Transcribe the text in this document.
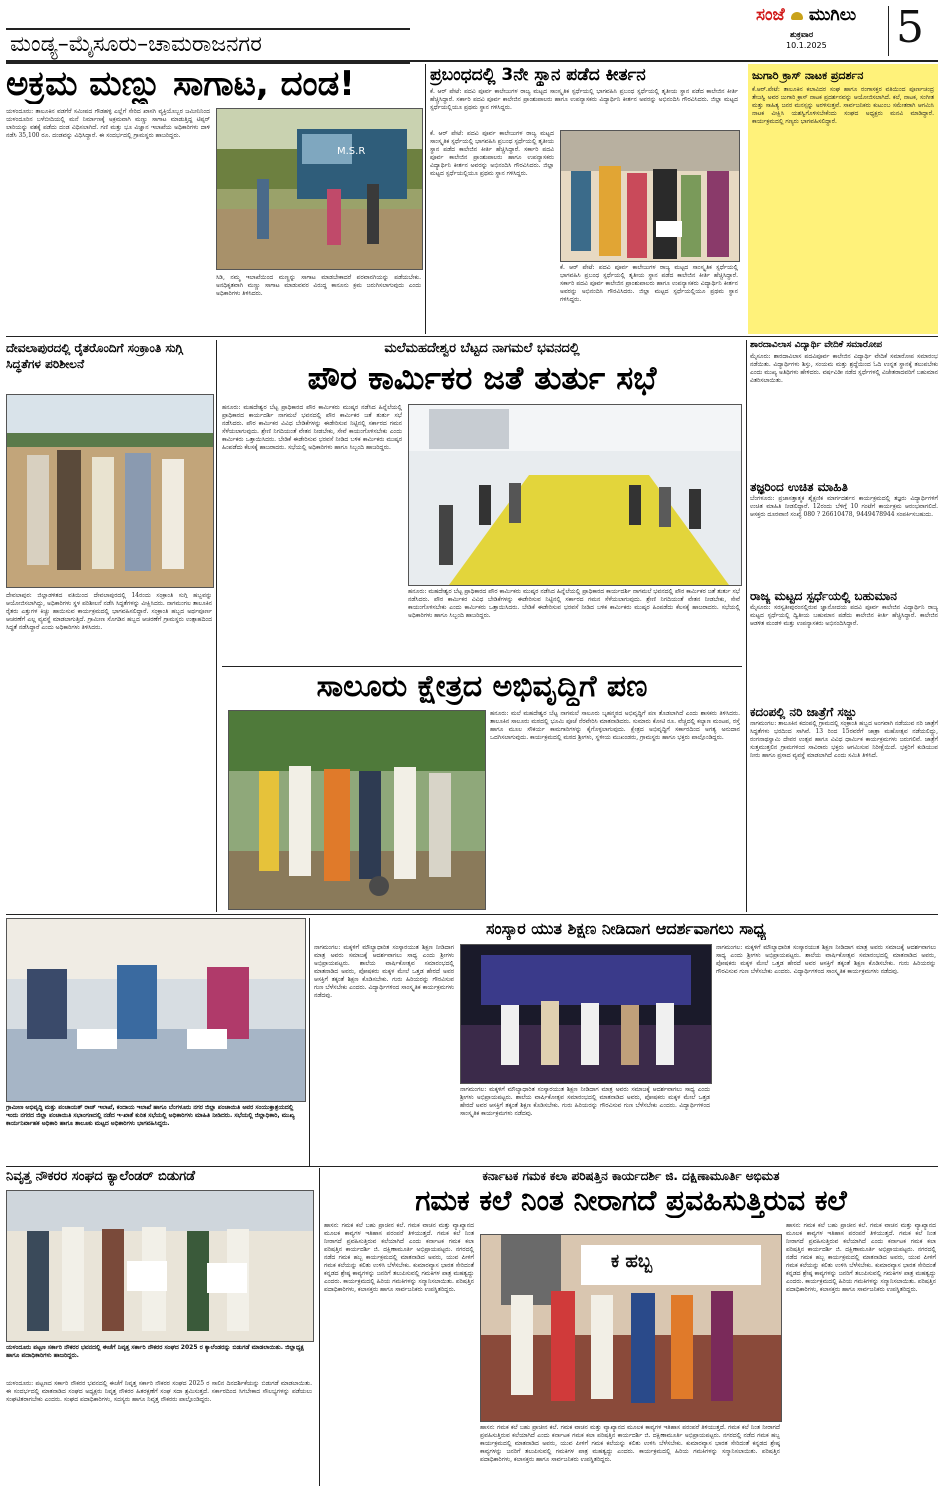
ಮಂಡ್ಯ–ಮೈಸೂರು–ಚಾಮರಾಜನಗರ
ಸಂಜೆ ಮುಗಿಲು
ಶುಕ್ರವಾರ
10.1.2025	5
ಅಕ್ರಮ ಮಣ್ಣು ಸಾಗಾಟ, ದಂಡ!
ಯಳಂದೂರು: ತಾಲೂಕಿನ ವಡಗೆರೆ ಸಮೀಪದ ಗೌಡಹಳ್ಳಿ ಎಲ್ಲೆಗೆ ಸೇರಿದ ಖಾಸಗಿ ವ್ಯಕ್ತಿಯೊಬ್ಬರ ಜಮೀನಿನಿಂದ ಯಳಂದೂರಿನ ಬಳೆಬೀದಿಯಲ್ಲಿ ಮನೆ ನಿರ್ಮಾಣಕ್ಕೆ ಅಕ್ರಮವಾಗಿ ಮಣ್ಣು ಸಾಗಾಟ ಮಾಡುತ್ತಿದ್ದ ಟಿಪ್ಪರ್ ಲಾರಿಯನ್ನು ವಶಕ್ಕೆ ಪಡೆದು ದಂಡ ವಿಧಿಸಲಾಗಿದೆ. ಗಣಿ ಮತ್ತು ಭೂ ವಿಜ್ಞಾನ ಇಲಾಖೆಯ ಅಧಿಕಾರಿಗಳು ದಾಳಿ ನಡೆಸಿ 35,100 ರೂ. ದಂಡವನ್ನು ವಿಧಿಸಿದ್ದಾರೆ. ಈ ಸಂದರ್ಭದಲ್ಲಿ ಗ್ರಾಮಸ್ಥರು ಹಾಜರಿದ್ದರು.
M.S.R
ಸಿಡಿ, ನಮ್ಮ ಇಲಾಖೆಯಿಂದ ಮಣ್ಣನ್ನು ಸಾಗಾಟ ಮಾಡಬೇಕಾದರೆ ಪರವಾನಗಿಯನ್ನು ಪಡೆಯಬೇಕು. ಅನಧಿಕೃತವಾಗಿ ಮಣ್ಣು ಸಾಗಾಟ ಮಾಡುವವರ ವಿರುದ್ಧ ಕಾನೂನು ಕ್ರಮ ಜರುಗಿಸಲಾಗುವುದು ಎಂದು ಅಧಿಕಾರಿಗಳು ತಿಳಿಸಿದರು.
ಪ್ರಬಂಧದಲ್ಲಿ 3ನೇ ಸ್ಥಾನ ಪಡೆದ ಕೀರ್ತನ
ಕೆ. ಆರ್ ಪೇಟೆ: ಪದವಿ ಪೂರ್ವ ಕಾಲೇಜುಗಳ ರಾಜ್ಯ ಮಟ್ಟದ ಸಾಂಸ್ಕೃತಿಕ ಸ್ಪರ್ಧೆಯಲ್ಲಿ ಭಾಗವಹಿಸಿ ಪ್ರಬಂಧ ಸ್ಪರ್ಧೆಯಲ್ಲಿ ತೃತೀಯ ಸ್ಥಾನ ಪಡೆದ ಕಾಲೇಜಿನ ಕೀರ್ತಿ ಹೆಚ್ಚಿಸಿದ್ದಾರೆ. ಸರ್ಕಾರಿ ಪದವಿ ಪೂರ್ವ ಕಾಲೇಜಿನ ಪ್ರಾಂಶುಪಾಲರು ಹಾಗೂ ಉಪನ್ಯಾಸಕರು ವಿದ್ಯಾರ್ಥಿನಿ ಕೀರ್ತನ ಅವರನ್ನು ಅಭಿನಂದಿಸಿ ಗೌರವಿಸಿದರು. ಜಿಲ್ಲಾ ಮಟ್ಟದ ಸ್ಪರ್ಧೆಯಲ್ಲಿಯೂ ಪ್ರಥಮ ಸ್ಥಾನ ಗಳಿಸಿದ್ದರು.
ಕೆ. ಆರ್ ಪೇಟೆ: ಪದವಿ ಪೂರ್ವ ಕಾಲೇಜುಗಳ ರಾಜ್ಯ ಮಟ್ಟದ ಸಾಂಸ್ಕೃತಿಕ ಸ್ಪರ್ಧೆಯಲ್ಲಿ ಭಾಗವಹಿಸಿ ಪ್ರಬಂಧ ಸ್ಪರ್ಧೆಯಲ್ಲಿ ತೃತೀಯ ಸ್ಥಾನ ಪಡೆದ ಕಾಲೇಜಿನ ಕೀರ್ತಿ ಹೆಚ್ಚಿಸಿದ್ದಾರೆ. ಸರ್ಕಾರಿ ಪದವಿ ಪೂರ್ವ ಕಾಲೇಜಿನ ಪ್ರಾಂಶುಪಾಲರು ಹಾಗೂ ಉಪನ್ಯಾಸಕರು ವಿದ್ಯಾರ್ಥಿನಿ ಕೀರ್ತನ ಅವರನ್ನು ಅಭಿನಂದಿಸಿ ಗೌರವಿಸಿದರು. ಜಿಲ್ಲಾ ಮಟ್ಟದ ಸ್ಪರ್ಧೆಯಲ್ಲಿಯೂ ಪ್ರಥಮ ಸ್ಥಾನ ಗಳಿಸಿದ್ದರು.
ಕೆ. ಆರ್ ಪೇಟೆ: ಪದವಿ ಪೂರ್ವ ಕಾಲೇಜುಗಳ ರಾಜ್ಯ ಮಟ್ಟದ ಸಾಂಸ್ಕೃತಿಕ ಸ್ಪರ್ಧೆಯಲ್ಲಿ ಭಾಗವಹಿಸಿ ಪ್ರಬಂಧ ಸ್ಪರ್ಧೆಯಲ್ಲಿ ತೃತೀಯ ಸ್ಥಾನ ಪಡೆದ ಕಾಲೇಜಿನ ಕೀರ್ತಿ ಹೆಚ್ಚಿಸಿದ್ದಾರೆ. ಸರ್ಕಾರಿ ಪದವಿ ಪೂರ್ವ ಕಾಲೇಜಿನ ಪ್ರಾಂಶುಪಾಲರು ಹಾಗೂ ಉಪನ್ಯಾಸಕರು ವಿದ್ಯಾರ್ಥಿನಿ ಕೀರ್ತನ ಅವರನ್ನು ಅಭಿನಂದಿಸಿ ಗೌರವಿಸಿದರು. ಜಿಲ್ಲಾ ಮಟ್ಟದ ಸ್ಪರ್ಧೆಯಲ್ಲಿಯೂ ಪ್ರಥಮ ಸ್ಥಾನ ಗಳಿಸಿದ್ದರು.
ಜುಗಾರಿ ಕ್ರಾಸ್ ನಾಟಕ ಪ್ರದರ್ಶನ
ಕೆ.ಆರ್.ಪೇಟೆ: ತಾಲೂಕಿನ ಕಲಾವಿದರ ಸಂಘ ಹಾಗೂ ರಂಗಾಸಕ್ತರ ವತಿಯಿಂದ ಪೂರ್ಣಚಂದ್ರ ತೇಜಸ್ವಿ ಅವರ ಜುಗಾರಿ ಕ್ರಾಸ್ ನಾಟಕ ಪ್ರದರ್ಶನವನ್ನು ಆಯೋಜಿಸಲಾಗಿದೆ. ಕಲೆ, ನಾಟಕ, ಸಂಗೀತ ಮತ್ತು ಸಾಹಿತ್ಯ ಜನರ ಮನಸ್ಸನ್ನು ಅರಳಿಸುತ್ತವೆ. ಸಾರ್ವಜನಿಕರು ಕುಟುಂಬ ಸಮೇತರಾಗಿ ಆಗಮಿಸಿ ನಾಟಕ ವೀಕ್ಷಿಸಿ ಯಶಸ್ವಿಗೊಳಿಸಬೇಕೆಂದು ಸಂಘದ ಅಧ್ಯಕ್ಷರು ಮನವಿ ಮಾಡಿದ್ದಾರೆ. ಕಾರ್ಯಕ್ರಮದಲ್ಲಿ ಗಣ್ಯರು ಭಾಗವಹಿಸಲಿದ್ದಾರೆ.
ದೇವಲಾಪುರದಲ್ಲಿ ರೈತರೊಂದಿಗೆ ಸಂಕ್ರಾಂತಿ ಸುಗ್ಗಿ ಸಿದ್ಧತೆಗಳ ಪರಿಶೀಲನೆ
ದೇವಲಾಪುರ: ಜಿಲ್ಲಾಡಳಿತದ ವತಿಯಿಂದ ದೇವಲಾಪುರದಲ್ಲಿ 14ರಂದು ಸಂಕ್ರಾಂತಿ ಸುಗ್ಗಿ ಹಬ್ಬವನ್ನು ಆಯೋಜಿಸಲಾಗಿದ್ದು, ಅಧಿಕಾರಿಗಳು ಸ್ಥಳ ಪರಿಶೀಲನೆ ನಡೆಸಿ ಸಿದ್ಧತೆಗಳನ್ನು ವೀಕ್ಷಿಸಿದರು. ನಾಗಮಂಗಲ ತಾಲೂಕಿನ ರೈತರು ಎತ್ತುಗಳ ಕಿಚ್ಚು ಹಾಯಿಸುವ ಕಾರ್ಯಕ್ರಮದಲ್ಲಿ ಭಾಗವಹಿಸಲಿದ್ದಾರೆ. ಸಂಕ್ರಾಂತಿ ಹಬ್ಬದ ಅರ್ಥಪೂರ್ಣ ಆಚರಣೆಗೆ ಎಲ್ಲ ವ್ಯವಸ್ಥೆ ಮಾಡಲಾಗುತ್ತಿದೆ. ಗ್ರಾಮೀಣ ಸೊಗಡಿನ ಹಬ್ಬದ ಆಚರಣೆಗೆ ಗ್ರಾಮಸ್ಥರು ಉತ್ಸಾಹದಿಂದ ಸಿದ್ಧತೆ ನಡೆಸಿದ್ದಾರೆ ಎಂದು ಅಧಿಕಾರಿಗಳು ತಿಳಿಸಿದರು.
ಮಲೆಮಹದೇಶ್ವರ ಬೆಟ್ಟದ ನಾಗಮಲೆ ಭವನದಲ್ಲಿ
ಪೌರ ಕಾರ್ಮಿಕರ ಜತೆ ತುರ್ತು ಸಭೆ
ಹನೂರು: ಮಹದೇಶ್ವರ ಬೆಟ್ಟ ಪ್ರಾಧಿಕಾರದ ಪೌರ ಕಾರ್ಮಿಕರು ಮುಷ್ಕರ ನಡೆಸಿದ ಹಿನ್ನೆಲೆಯಲ್ಲಿ ಪ್ರಾಧಿಕಾರದ ಕಾರ್ಯದರ್ಶಿ ನಾಗಮಲೆ ಭವನದಲ್ಲಿ ಪೌರ ಕಾರ್ಮಿಕರ ಜತೆ ತುರ್ತು ಸಭೆ ನಡೆಸಿದರು. ಪೌರ ಕಾರ್ಮಿಕರ ವಿವಿಧ ಬೇಡಿಕೆಗಳನ್ನು ಈಡೇರಿಸುವ ನಿಟ್ಟಿನಲ್ಲಿ ಸರ್ಕಾರದ ಗಮನ ಸೆಳೆಯಲಾಗುವುದು. ಶ್ರೇಣಿ ನಿಗದಿಯಂತೆ ವೇತನ ನೀಡಬೇಕು, ಸೇವೆ ಕಾಯಂಗೊಳಿಸಬೇಕು ಎಂದು ಕಾರ್ಮಿಕರು ಒತ್ತಾಯಿಸಿದರು. ಬೇಡಿಕೆ ಈಡೇರಿಸುವ ಭರವಸೆ ನೀಡಿದ ಬಳಿಕ ಕಾರ್ಮಿಕರು ಮುಷ್ಕರ ಹಿಂಪಡೆದು ಕೆಲಸಕ್ಕೆ ಹಾಜರಾದರು. ಸಭೆಯಲ್ಲಿ ಅಧಿಕಾರಿಗಳು ಹಾಗೂ ಸಿಬ್ಬಂದಿ ಹಾಜರಿದ್ದರು.
ಹನೂರು: ಮಹದೇಶ್ವರ ಬೆಟ್ಟ ಪ್ರಾಧಿಕಾರದ ಪೌರ ಕಾರ್ಮಿಕರು ಮುಷ್ಕರ ನಡೆಸಿದ ಹಿನ್ನೆಲೆಯಲ್ಲಿ ಪ್ರಾಧಿಕಾರದ ಕಾರ್ಯದರ್ಶಿ ನಾಗಮಲೆ ಭವನದಲ್ಲಿ ಪೌರ ಕಾರ್ಮಿಕರ ಜತೆ ತುರ್ತು ಸಭೆ ನಡೆಸಿದರು. ಪೌರ ಕಾರ್ಮಿಕರ ವಿವಿಧ ಬೇಡಿಕೆಗಳನ್ನು ಈಡೇರಿಸುವ ನಿಟ್ಟಿನಲ್ಲಿ ಸರ್ಕಾರದ ಗಮನ ಸೆಳೆಯಲಾಗುವುದು. ಶ್ರೇಣಿ ನಿಗದಿಯಂತೆ ವೇತನ ನೀಡಬೇಕು, ಸೇವೆ ಕಾಯಂಗೊಳಿಸಬೇಕು ಎಂದು ಕಾರ್ಮಿಕರು ಒತ್ತಾಯಿಸಿದರು. ಬೇಡಿಕೆ ಈಡೇರಿಸುವ ಭರವಸೆ ನೀಡಿದ ಬಳಿಕ ಕಾರ್ಮಿಕರು ಮುಷ್ಕರ ಹಿಂಪಡೆದು ಕೆಲಸಕ್ಕೆ ಹಾಜರಾದರು. ಸಭೆಯಲ್ಲಿ ಅಧಿಕಾರಿಗಳು ಹಾಗೂ ಸಿಬ್ಬಂದಿ ಹಾಜರಿದ್ದರು.
ಶಾರದಾವಿಲಾಸ ವಿದ್ಯಾರ್ಥಿ ವೇದಿಕೆ ಸಮಾರೋಪ
ಮೈಸೂರು: ಶಾರದಾವಿಲಾಸ ಪದವಿಪೂರ್ವ ಕಾಲೇಜಿನ ವಿದ್ಯಾರ್ಥಿ ವೇದಿಕೆ ಸಮಾರೋಪ ಸಮಾರಂಭ ನಡೆಯಿತು. ವಿದ್ಯಾರ್ಥಿಗಳು ಶಿಸ್ತು, ಸಂಯಮ ಮತ್ತು ಶ್ರದ್ಧೆಯಿಂದ ಓದಿ ಉನ್ನತ ಸ್ಥಾನಕ್ಕೆ ತಲುಪಬೇಕು ಎಂದು ಮುಖ್ಯ ಅತಿಥಿಗಳು ಹೇಳಿದರು. ವರ್ಷವಿಡೀ ನಡೆದ ಸ್ಪರ್ಧೆಗಳಲ್ಲಿ ವಿಜೇತರಾದವರಿಗೆ ಬಹುಮಾನ ವಿತರಿಸಲಾಯಿತು.
ತಜ್ಞರಿಂದ ಉಚಿತ ಮಾಹಿತಿ
ಬೆಂಗಳೂರು: ಪ್ರಜಾಸತ್ತಾತ್ಮಕ ಶೈಕ್ಷಣಿಕ ಮಾರ್ಗದರ್ಶನ ಕಾರ್ಯಕ್ರಮದಲ್ಲಿ ತಜ್ಞರು ವಿದ್ಯಾರ್ಥಿಗಳಿಗೆ ಉಚಿತ ಮಾಹಿತಿ ನೀಡಲಿದ್ದಾರೆ. 12ರಂದು ಬೆಳಿಗ್ಗೆ 10 ಗಂಟೆಗೆ ಕಾರ್ಯಕ್ರಮ ಆರಂಭವಾಗಲಿದೆ. ಆಸಕ್ತರು ದೂರವಾಣಿ ಸಂಖ್ಯೆ 080 ? 26610478, 9449478944 ಸಂಪರ್ಕಿಸಬಹುದು.
ರಾಜ್ಯ ಮಟ್ಟದ ಸ್ಪರ್ಧೆಯಲ್ಲಿ ಬಹುಮಾನ
ಮೈಸೂರು: ಸರಸ್ವತೀಪುರಂನಲ್ಲಿರುವ ಜ್ಞಾನೋದಯ ಪದವಿ ಪೂರ್ವ ಕಾಲೇಜಿನ ವಿದ್ಯಾರ್ಥಿನಿ ರಾಜ್ಯ ಮಟ್ಟದ ಸ್ಪರ್ಧೆಯಲ್ಲಿ ದ್ವಿತೀಯ ಬಹುಮಾನ ಪಡೆದು ಕಾಲೇಜಿನ ಕೀರ್ತಿ ಹೆಚ್ಚಿಸಿದ್ದಾರೆ. ಕಾಲೇಜಿನ ಆಡಳಿತ ಮಂಡಳಿ ಮತ್ತು ಉಪನ್ಯಾಸಕರು ಅಭಿನಂದಿಸಿದ್ದಾರೆ.
ಕದಂಪಲ್ಲಿ ನರಿ ಜಾತ್ರೆಗೆ ಸಜ್ಜು
ನಾಗಮಂಗಲ: ತಾಲೂಕಿನ ಕದಂಪಲ್ಲಿ ಗ್ರಾಮದಲ್ಲಿ ಸಂಕ್ರಾಂತಿ ಹಬ್ಬದ ಅಂಗವಾಗಿ ನಡೆಯುವ ನರಿ ಜಾತ್ರೆಗೆ ಸಿದ್ಧತೆಗಳು ಭರದಿಂದ ಸಾಗಿವೆ. 13 ರಿಂದ 15ರವರೆಗೆ ಜಾತ್ರಾ ಮಹೋತ್ಸವ ನಡೆಯಲಿದ್ದು, ರಂಗನಾಥಸ್ವಾಮಿ ದೇವರ ಉತ್ಸವ ಹಾಗೂ ವಿವಿಧ ಧಾರ್ಮಿಕ ಕಾರ್ಯಕ್ರಮಗಳು ಜರುಗಲಿವೆ. ಜಾತ್ರೆಗೆ ಸುತ್ತಮುತ್ತಲಿನ ಗ್ರಾಮಗಳಿಂದ ಸಾವಿರಾರು ಭಕ್ತರು ಆಗಮಿಸುವ ನಿರೀಕ್ಷೆಯಿದೆ. ಭಕ್ತರಿಗೆ ಕುಡಿಯುವ ನೀರು ಹಾಗೂ ಪ್ರಸಾದ ವ್ಯವಸ್ಥೆ ಮಾಡಲಾಗಿದೆ ಎಂದು ಸಮಿತಿ ತಿಳಿಸಿದೆ.
ಸಾಲೂರು ಕ್ಷೇತ್ರದ ಅಭಿವೃದ್ಧಿಗೆ ಪಣ
ಹನೂರು: ಮಲೆ ಮಹದೇಶ್ವರ ಬೆಟ್ಟ ನಾಗಮಲೆ ಸಾಲೂರು ಬೃಹನ್ಮಠದ ಅಭಿವೃದ್ಧಿಗೆ ಪಣ ತೊಡಲಾಗಿದೆ ಎಂದು ಶಾಸಕರು ತಿಳಿಸಿದರು. ತಾಲೂಕಿನ ಸಾಲೂರು ಮಠದಲ್ಲಿ ಭೂಮಿ ಪೂಜೆ ನೆರವೇರಿಸಿ ಮಾತನಾಡಿದರು. ಸುಮಾರು ಕೋಟಿ ರೂ. ವೆಚ್ಚದಲ್ಲಿ ಕಲ್ಯಾಣ ಮಂಟಪ, ರಸ್ತೆ ಹಾಗೂ ಮೂಲ ಸೌಕರ್ಯ ಕಾಮಗಾರಿಗಳನ್ನು ಕೈಗೊಳ್ಳಲಾಗುವುದು. ಕ್ಷೇತ್ರದ ಅಭಿವೃದ್ಧಿಗೆ ಸರ್ಕಾರದಿಂದ ಅಗತ್ಯ ಅನುದಾನ ಒದಗಿಸಲಾಗುವುದು. ಕಾರ್ಯಕ್ರಮದಲ್ಲಿ ಮಠದ ಶ್ರೀಗಳು, ಸ್ಥಳೀಯ ಮುಖಂಡರು, ಗ್ರಾಮಸ್ಥರು ಹಾಗೂ ಭಕ್ತರು ಪಾಲ್ಗೊಂಡಿದ್ದರು.
ಗ್ರಾಮೀಣ ಅಭಿವೃದ್ಧಿ ಮತ್ತು ಪಂಚಾಯತ್ ರಾಜ್ ಇಲಾಖೆ, ಕಂದಾಯ ಇಲಾಖೆ ಹಾಗೂ ಬೆಂಗಳೂರು ನಗರ ಜಿಲ್ಲಾ ಪಂಚಾಯಿತಿ ಅವರ ಸಂಯುಕ್ತಾಶ್ರಯದಲ್ಲಿ ಇಂದು ನಗರದ ಜಿಲ್ಲಾ ಪಂಚಾಯಿತಿ ಸಭಾಂಗಣದಲ್ಲಿ ನಡೆದ ಇ-ಖಾತೆ ಕುರಿತ ಸಭೆಯಲ್ಲಿ ಅಧಿಕಾರಿಗಳು ಮಾಹಿತಿ ನೀಡಿದರು. ಸಭೆಯಲ್ಲಿ ಜಿಲ್ಲಾಧಿಕಾರಿ, ಮುಖ್ಯ ಕಾರ್ಯನಿರ್ವಾಹಕ ಅಧಿಕಾರಿ ಹಾಗೂ ತಾಲೂಕು ಮಟ್ಟದ ಅಧಿಕಾರಿಗಳು ಭಾಗವಹಿಸಿದ್ದರು.
ಸಂಸ್ಕಾರ ಯುತ ಶಿಕ್ಷಣ ನೀಡಿದಾಗ ಆದರ್ಶವಾಗಲು ಸಾಧ್ಯ
ನಾಗಮಂಗಲ: ಮಕ್ಕಳಿಗೆ ಮೌಲ್ಯಾಧಾರಿತ ಸಂಸ್ಕಾರಯುತ ಶಿಕ್ಷಣ ನೀಡಿದಾಗ ಮಾತ್ರ ಅವರು ಸಮಾಜಕ್ಕೆ ಆದರ್ಶವಾಗಲು ಸಾಧ್ಯ ಎಂದು ಶ್ರೀಗಳು ಅಭಿಪ್ರಾಯಪಟ್ಟರು. ಶಾಲೆಯ ವಾರ್ಷಿಕೋತ್ಸವ ಸಮಾರಂಭದಲ್ಲಿ ಮಾತನಾಡಿದ ಅವರು, ಪೋಷಕರು ಮಕ್ಕಳ ಮೇಲೆ ಒತ್ತಡ ಹೇರದೆ ಅವರ ಆಸಕ್ತಿಗೆ ತಕ್ಕಂತೆ ಶಿಕ್ಷಣ ಕೊಡಿಸಬೇಕು. ಗುರು ಹಿರಿಯರನ್ನು ಗೌರವಿಸುವ ಗುಣ ಬೆಳೆಸಬೇಕು ಎಂದರು. ವಿದ್ಯಾರ್ಥಿಗಳಿಂದ ಸಾಂಸ್ಕೃತಿಕ ಕಾರ್ಯಕ್ರಮಗಳು ನಡೆದವು.
ನಾಗಮಂಗಲ: ಮಕ್ಕಳಿಗೆ ಮೌಲ್ಯಾಧಾರಿತ ಸಂಸ್ಕಾರಯುತ ಶಿಕ್ಷಣ ನೀಡಿದಾಗ ಮಾತ್ರ ಅವರು ಸಮಾಜಕ್ಕೆ ಆದರ್ಶವಾಗಲು ಸಾಧ್ಯ ಎಂದು ಶ್ರೀಗಳು ಅಭಿಪ್ರಾಯಪಟ್ಟರು. ಶಾಲೆಯ ವಾರ್ಷಿಕೋತ್ಸವ ಸಮಾರಂಭದಲ್ಲಿ ಮಾತನಾಡಿದ ಅವರು, ಪೋಷಕರು ಮಕ್ಕಳ ಮೇಲೆ ಒತ್ತಡ ಹೇರದೆ ಅವರ ಆಸಕ್ತಿಗೆ ತಕ್ಕಂತೆ ಶಿಕ್ಷಣ ಕೊಡಿಸಬೇಕು. ಗುರು ಹಿರಿಯರನ್ನು ಗೌರವಿಸುವ ಗುಣ ಬೆಳೆಸಬೇಕು ಎಂದರು. ವಿದ್ಯಾರ್ಥಿಗಳಿಂದ ಸಾಂಸ್ಕೃತಿಕ ಕಾರ್ಯಕ್ರಮಗಳು ನಡೆದವು.
ನಾಗಮಂಗಲ: ಮಕ್ಕಳಿಗೆ ಮೌಲ್ಯಾಧಾರಿತ ಸಂಸ್ಕಾರಯುತ ಶಿಕ್ಷಣ ನೀಡಿದಾಗ ಮಾತ್ರ ಅವರು ಸಮಾಜಕ್ಕೆ ಆದರ್ಶವಾಗಲು ಸಾಧ್ಯ ಎಂದು ಶ್ರೀಗಳು ಅಭಿಪ್ರಾಯಪಟ್ಟರು. ಶಾಲೆಯ ವಾರ್ಷಿಕೋತ್ಸವ ಸಮಾರಂಭದಲ್ಲಿ ಮಾತನಾಡಿದ ಅವರು, ಪೋಷಕರು ಮಕ್ಕಳ ಮೇಲೆ ಒತ್ತಡ ಹೇರದೆ ಅವರ ಆಸಕ್ತಿಗೆ ತಕ್ಕಂತೆ ಶಿಕ್ಷಣ ಕೊಡಿಸಬೇಕು. ಗುರು ಹಿರಿಯರನ್ನು ಗೌರವಿಸುವ ಗುಣ ಬೆಳೆಸಬೇಕು ಎಂದರು. ವಿದ್ಯಾರ್ಥಿಗಳಿಂದ ಸಾಂಸ್ಕೃತಿಕ ಕಾರ್ಯಕ್ರಮಗಳು ನಡೆದವು.
ನಿವೃತ್ತ ನೌಕರರ ಸಂಘದ ಕ್ಯಾಲೆಂಡರ್ ಬಿಡುಗಡೆ
ಯಳಂದೂರು ಪಟ್ಟಣ ಸರ್ಕಾರಿ ನೌಕರರ ಭವನದಲ್ಲಿ ಈಚೆಗೆ ನಿವೃತ್ತ ಸರ್ಕಾರಿ ನೌಕರರ ಸಂಘದ 2025 ರ ಕ್ಯಾಲೆಂಡರನ್ನು ಬಿಡುಗಡೆ ಮಾಡಲಾಯಿತು. ಜಿಲ್ಲಾಧ್ಯಕ್ಷ ಹಾಗೂ ಪದಾಧಿಕಾರಿಗಳು ಹಾಜರಿದ್ದರು.
ಯಳಂದೂರು: ಪಟ್ಟಣದ ಸರ್ಕಾರಿ ನೌಕರರ ಭವನದಲ್ಲಿ ಈಚೆಗೆ ನಿವೃತ್ತ ಸರ್ಕಾರಿ ನೌಕರರ ಸಂಘದ 2025 ರ ಸಾಲಿನ ದಿನದರ್ಶಿಕೆಯನ್ನು ಬಿಡುಗಡೆ ಮಾಡಲಾಯಿತು. ಈ ಸಂದರ್ಭದಲ್ಲಿ ಮಾತನಾಡಿದ ಸಂಘದ ಅಧ್ಯಕ್ಷರು ನಿವೃತ್ತ ನೌಕರರ ಹಿತರಕ್ಷಣೆಗೆ ಸಂಘ ಸದಾ ಶ್ರಮಿಸುತ್ತದೆ. ಸರ್ಕಾರದಿಂದ ಸಿಗಬೇಕಾದ ಸೌಲಭ್ಯಗಳನ್ನು ಪಡೆಯಲು ಸಂಘಟಿತರಾಗಬೇಕು ಎಂದರು. ಸಂಘದ ಪದಾಧಿಕಾರಿಗಳು, ಸದಸ್ಯರು ಹಾಗೂ ನಿವೃತ್ತ ನೌಕರರು ಪಾಲ್ಗೊಂಡಿದ್ದರು.
ಕರ್ನಾಟಕ ಗಮಕ ಕಲಾ ಪರಿಷತ್ತಿನ ಕಾರ್ಯದರ್ಶಿ ಜಿ. ದಕ್ಷಿಣಾಮೂರ್ತಿ ಅಭಿಮತ
ಗಮಕ ಕಲೆ ನಿಂತ ನೀರಾಗದೆ ಪ್ರವಹಿಸುತ್ತಿರುವ ಕಲೆ
ಹಾಸನ: ಗಮಕ ಕಲೆ ಬಹು ಪ್ರಾಚೀನ ಕಲೆ. ಗಮಕ ವಾಚನ ಮತ್ತು ವ್ಯಾಖ್ಯಾನದ ಮೂಲಕ ಕಾವ್ಯಗಳ ಇತಿಹಾಸ ಪರಂಪರೆ ತಿಳಿಯುತ್ತದೆ. ಗಮಕ ಕಲೆ ನಿಂತ ನೀರಾಗದೆ ಪ್ರವಹಿಸುತ್ತಿರುವ ಕಲೆಯಾಗಿದೆ ಎಂದು ಕರ್ನಾಟಕ ಗಮಕ ಕಲಾ ಪರಿಷತ್ತಿನ ಕಾರ್ಯದರ್ಶಿ ಜಿ. ದಕ್ಷಿಣಾಮೂರ್ತಿ ಅಭಿಪ್ರಾಯಪಟ್ಟರು. ನಗರದಲ್ಲಿ ನಡೆದ ಗಮಕ ಹಬ್ಬ ಕಾರ್ಯಕ್ರಮದಲ್ಲಿ ಮಾತನಾಡಿದ ಅವರು, ಯುವ ಪೀಳಿಗೆ ಗಮಕ ಕಲೆಯನ್ನು ಕಲಿತು ಉಳಿಸಿ ಬೆಳೆಸಬೇಕು. ಕುಮಾರವ್ಯಾಸ ಭಾರತ ಸೇರಿದಂತೆ ಕನ್ನಡದ ಶ್ರೇಷ್ಠ ಕಾವ್ಯಗಳನ್ನು ಜನರಿಗೆ ತಲುಪಿಸುವಲ್ಲಿ ಗಮಕಿಗಳ ಪಾತ್ರ ಮಹತ್ವದ್ದು ಎಂದರು. ಕಾರ್ಯಕ್ರಮದಲ್ಲಿ ಹಿರಿಯ ಗಮಕಿಗಳನ್ನು ಸನ್ಮಾನಿಸಲಾಯಿತು. ಪರಿಷತ್ತಿನ ಪದಾಧಿಕಾರಿಗಳು, ಕಲಾಸಕ್ತರು ಹಾಗೂ ಸಾರ್ವಜನಿಕರು ಉಪಸ್ಥಿತರಿದ್ದರು.
ಕ ಹಬ್ಬ
ಹಾಸನ: ಗಮಕ ಕಲೆ ಬಹು ಪ್ರಾಚೀನ ಕಲೆ. ಗಮಕ ವಾಚನ ಮತ್ತು ವ್ಯಾಖ್ಯಾನದ ಮೂಲಕ ಕಾವ್ಯಗಳ ಇತಿಹಾಸ ಪರಂಪರೆ ತಿಳಿಯುತ್ತದೆ. ಗಮಕ ಕಲೆ ನಿಂತ ನೀರಾಗದೆ ಪ್ರವಹಿಸುತ್ತಿರುವ ಕಲೆಯಾಗಿದೆ ಎಂದು ಕರ್ನಾಟಕ ಗಮಕ ಕಲಾ ಪರಿಷತ್ತಿನ ಕಾರ್ಯದರ್ಶಿ ಜಿ. ದಕ್ಷಿಣಾಮೂರ್ತಿ ಅಭಿಪ್ರಾಯಪಟ್ಟರು. ನಗರದಲ್ಲಿ ನಡೆದ ಗಮಕ ಹಬ್ಬ ಕಾರ್ಯಕ್ರಮದಲ್ಲಿ ಮಾತನಾಡಿದ ಅವರು, ಯುವ ಪೀಳಿಗೆ ಗಮಕ ಕಲೆಯನ್ನು ಕಲಿತು ಉಳಿಸಿ ಬೆಳೆಸಬೇಕು. ಕುಮಾರವ್ಯಾಸ ಭಾರತ ಸೇರಿದಂತೆ ಕನ್ನಡದ ಶ್ರೇಷ್ಠ ಕಾವ್ಯಗಳನ್ನು ಜನರಿಗೆ ತಲುಪಿಸುವಲ್ಲಿ ಗಮಕಿಗಳ ಪಾತ್ರ ಮಹತ್ವದ್ದು ಎಂದರು. ಕಾರ್ಯಕ್ರಮದಲ್ಲಿ ಹಿರಿಯ ಗಮಕಿಗಳನ್ನು ಸನ್ಮಾನಿಸಲಾಯಿತು. ಪರಿಷತ್ತಿನ ಪದಾಧಿಕಾರಿಗಳು, ಕಲಾಸಕ್ತರು ಹಾಗೂ ಸಾರ್ವಜನಿಕರು ಉಪಸ್ಥಿತರಿದ್ದರು.
ಹಾಸನ: ಗಮಕ ಕಲೆ ಬಹು ಪ್ರಾಚೀನ ಕಲೆ. ಗಮಕ ವಾಚನ ಮತ್ತು ವ್ಯಾಖ್ಯಾನದ ಮೂಲಕ ಕಾವ್ಯಗಳ ಇತಿಹಾಸ ಪರಂಪರೆ ತಿಳಿಯುತ್ತದೆ. ಗಮಕ ಕಲೆ ನಿಂತ ನೀರಾಗದೆ ಪ್ರವಹಿಸುತ್ತಿರುವ ಕಲೆಯಾಗಿದೆ ಎಂದು ಕರ್ನಾಟಕ ಗಮಕ ಕಲಾ ಪರಿಷತ್ತಿನ ಕಾರ್ಯದರ್ಶಿ ಜಿ. ದಕ್ಷಿಣಾಮೂರ್ತಿ ಅಭಿಪ್ರಾಯಪಟ್ಟರು. ನಗರದಲ್ಲಿ ನಡೆದ ಗಮಕ ಹಬ್ಬ ಕಾರ್ಯಕ್ರಮದಲ್ಲಿ ಮಾತನಾಡಿದ ಅವರು, ಯುವ ಪೀಳಿಗೆ ಗಮಕ ಕಲೆಯನ್ನು ಕಲಿತು ಉಳಿಸಿ ಬೆಳೆಸಬೇಕು. ಕುಮಾರವ್ಯಾಸ ಭಾರತ ಸೇರಿದಂತೆ ಕನ್ನಡದ ಶ್ರೇಷ್ಠ ಕಾವ್ಯಗಳನ್ನು ಜನರಿಗೆ ತಲುಪಿಸುವಲ್ಲಿ ಗಮಕಿಗಳ ಪಾತ್ರ ಮಹತ್ವದ್ದು ಎಂದರು. ಕಾರ್ಯಕ್ರಮದಲ್ಲಿ ಹಿರಿಯ ಗಮಕಿಗಳನ್ನು ಸನ್ಮಾನಿಸಲಾಯಿತು. ಪರಿಷತ್ತಿನ ಪದಾಧಿಕಾರಿಗಳು, ಕಲಾಸಕ್ತರು ಹಾಗೂ ಸಾರ್ವಜನಿಕರು ಉಪಸ್ಥಿತರಿದ್ದರು.
